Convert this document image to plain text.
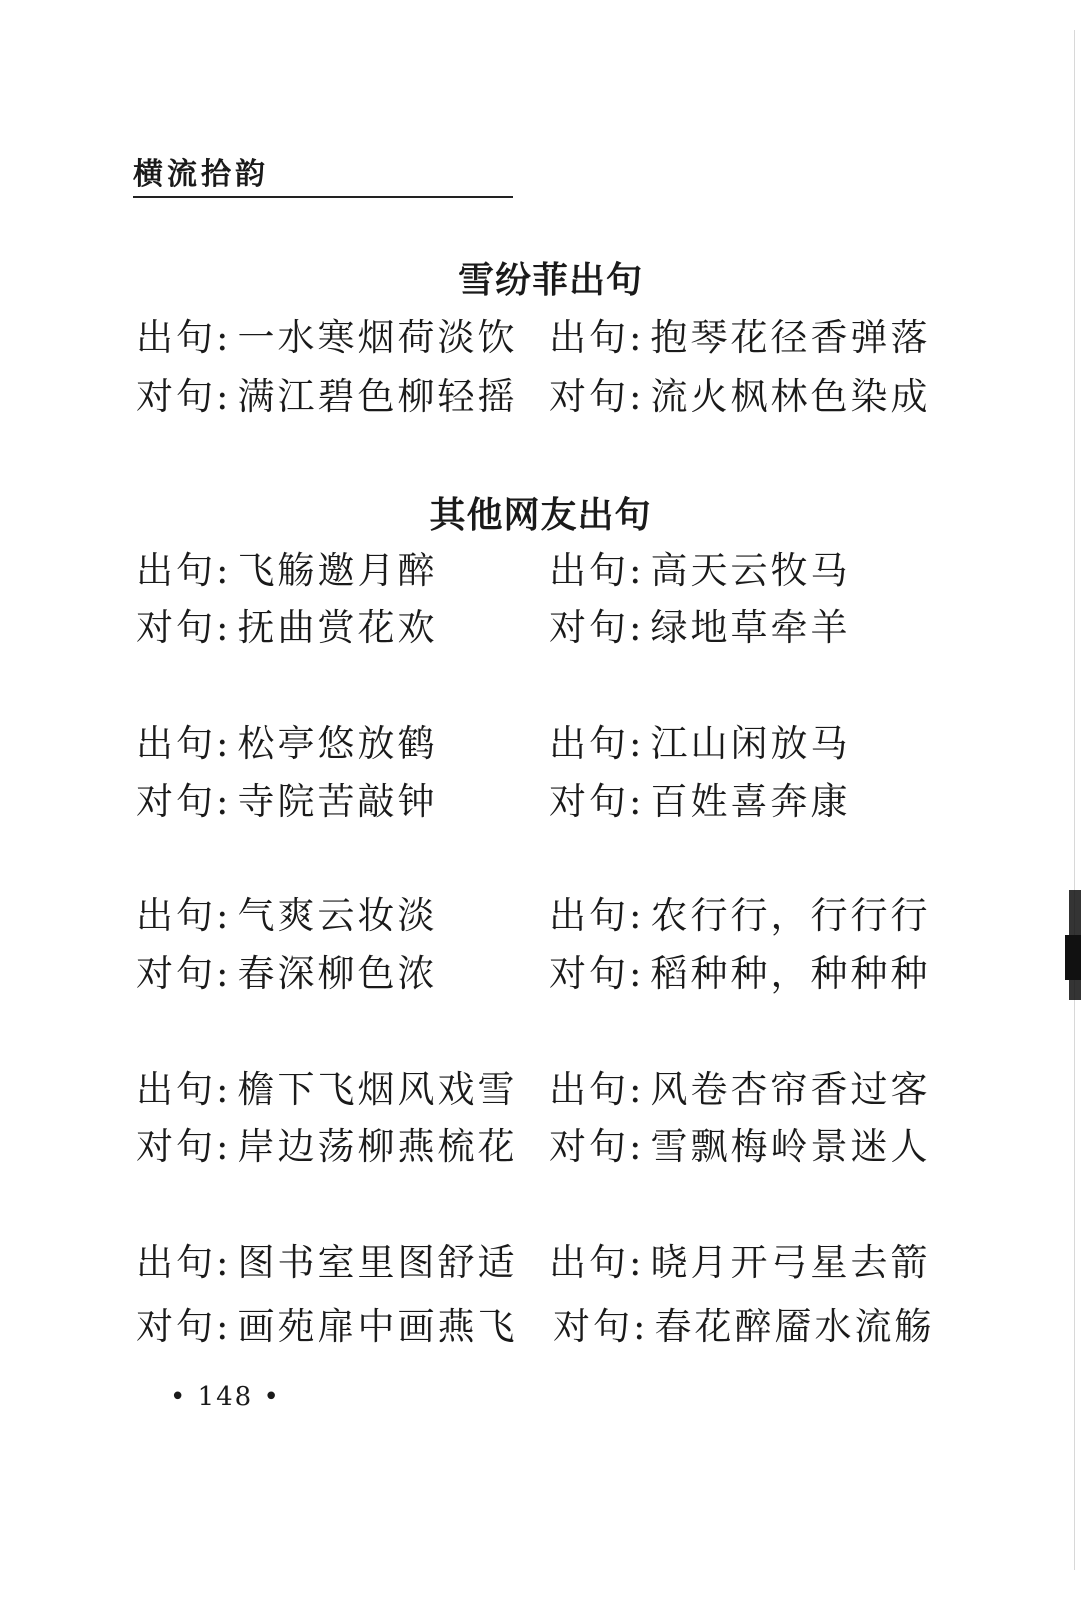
横流拾韵
雪纷菲出句
出句: 一水寒烟荷淡饮 出句: 抱琴花径香弹落
对句: 满江碧色柳轻摇 对句: 流火枫林色染成
其他网友出句
出句: 飞觞邀月醉	出句: 高天云牧马
对句: 抚曲赏花欢	对句: 绿地草牵羊
出句: 松亭悠放鹤	出句: 江山闲放马
对句: 寺院苦敲钟	对句: 百姓喜奔康
出句: 气爽云妆淡	出句: 农行行，行行行
对句: 春深柳色浓	对句: 稻种种，种种种
出句: 檐下飞烟风戏雪 出句: 风卷杏帘香过客
对句: 岸边荡柳燕梳花 对句: 雪飘梅岭景迷人
出句: 图书室里图舒适 出句: 晓月开弓星去箭
对句: 画苑扉中画燕飞 对句: 春花醉靥水流觞
• 148 •
